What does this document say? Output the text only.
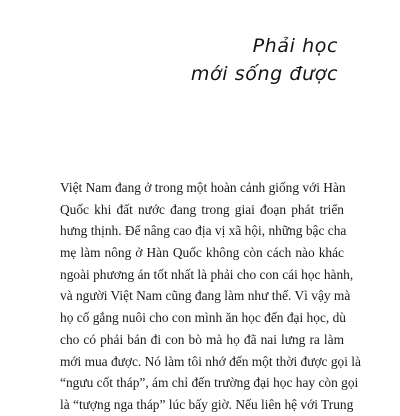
Phải học
mới sống được
Việt Nam đang ở trong một hoàn cảnh giống với Hàn
Quốc khi đất nước đang trong giai đoạn phát triển
hưng thịnh. Để nâng cao địa vị xã hội, những bậc cha
mẹ làm nông ở Hàn Quốc không còn cách nào khác
ngoài phương án tốt nhất là phải cho con cái học hành,
và người Việt Nam cũng đang làm như thế. Vì vậy mà
họ cố gắng nuôi cho con mình ăn học đến đại học, dù
cho có phải bán đi con bò mà họ đã nai lưng ra làm
mới mua được. Nó làm tôi nhớ đến một thời được gọi là
“ngưu cốt tháp”, ám chỉ đến trường đại học hay còn gọi
là “tượng nga tháp” lúc bấy giờ. Nếu liên hệ với Trung
